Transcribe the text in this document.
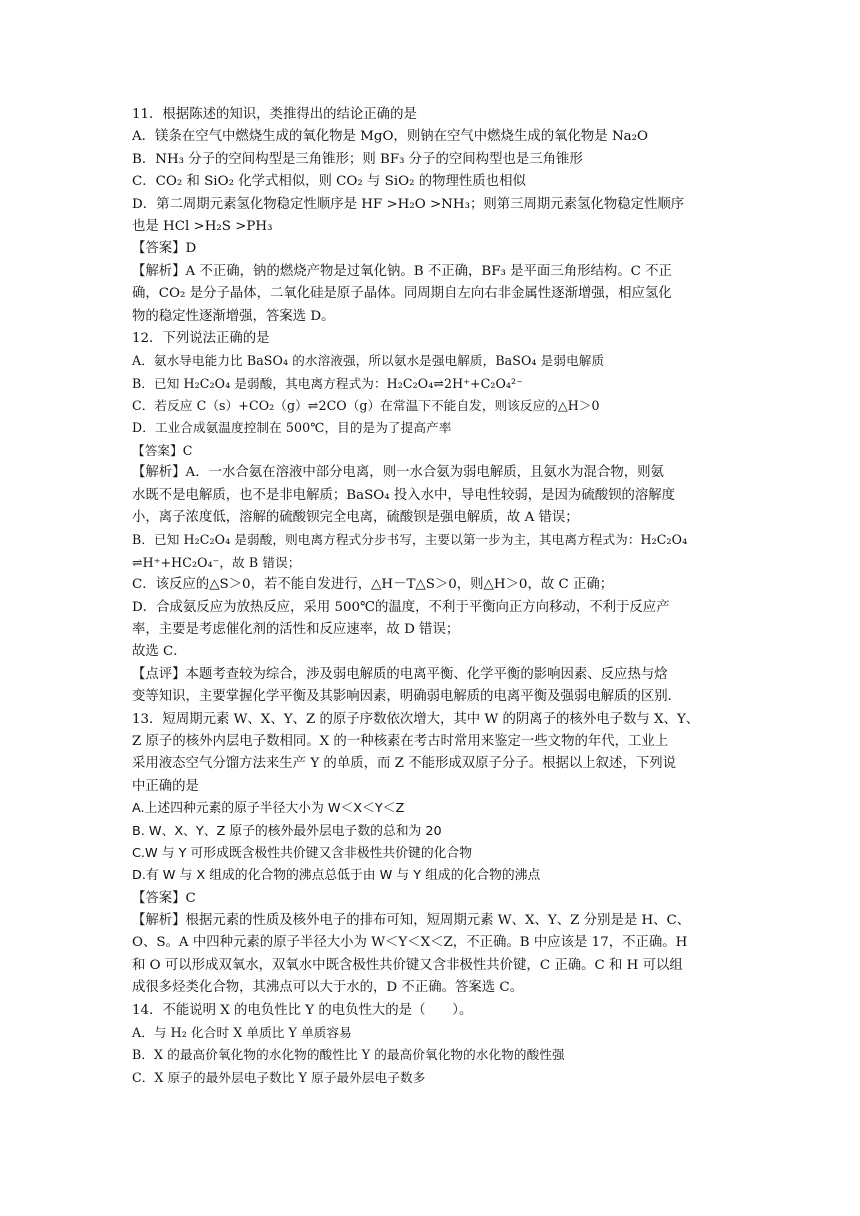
11．根据陈述的知识，类推得出的结论正确的是
A．镁条在空气中燃烧生成的氧化物是 MgO，则钠在空气中燃烧生成的氧化物是 Na₂O
B．NH₃ 分子的空间构型是三角锥形；则 BF₃ 分子的空间构型也是三角锥形
C．CO₂ 和 SiO₂ 化学式相似，则 CO₂ 与 SiO₂ 的物理性质也相似
D．第二周期元素氢化物稳定性顺序是 HF >H₂O >NH₃；则第三周期元素氢化物稳定性顺序
也是 HCl >H₂S >PH₃
【答案】D
【解析】A 不正确，钠的燃烧产物是过氧化钠。B 不正确，BF₃ 是平面三角形结构。C 不正
确，CO₂ 是分子晶体，二氧化硅是原子晶体。同周期自左向右非金属性逐渐增强，相应氢化
物的稳定性逐渐增强，答案选 D。
12．下列说法正确的是
A．氨水导电能力比 BaSO₄ 的水溶液强，所以氨水是强电解质，BaSO₄ 是弱电解质
B．已知 H₂C₂O₄ 是弱酸，其电离方程式为：H₂C₂O₄⇌2H⁺+C₂O₄²⁻
C．若反应 C（s）+CO₂（g）⇌2CO（g）在常温下不能自发，则该反应的△H＞0
D．工业合成氨温度控制在 500℃，目的是为了提高产率
【答案】C
【解析】A．一水合氨在溶液中部分电离，则一水合氨为弱电解质，且氨水为混合物，则氨
水既不是电解质，也不是非电解质；BaSO₄ 投入水中，导电性较弱，是因为硫酸钡的溶解度
小，离子浓度低，溶解的硫酸钡完全电离，硫酸钡是强电解质，故 A 错误；
B．已知 H₂C₂O₄ 是弱酸，则电离方程式分步书写，主要以第一步为主，其电离方程式为：H₂C₂O₄
⇌H⁺+HC₂O₄⁻，故 B 错误；
C．该反应的△S＞0，若不能自发进行，△H－T△S＞0，则△H＞0，故 C 正确；
D．合成氨反应为放热反应，采用 500℃的温度，不利于平衡向正方向移动，不利于反应产
率，主要是考虑催化剂的活性和反应速率，故 D 错误；
故选 C．
【点评】本题考查较为综合，涉及弱电解质的电离平衡、化学平衡的影响因素、反应热与焓
变等知识，主要掌握化学平衡及其影响因素，明确弱电解质的电离平衡及强弱电解质的区别．
13．短周期元素 W、X、Y、Z 的原子序数依次增大，其中 W 的阴离子的核外电子数与 X、Y、
Z 原子的核外内层电子数相同。X 的一种核素在考古时常用来鉴定一些文物的年代，工业上
采用液态空气分馏方法来生产 Y 的单质，而 Z 不能形成双原子分子。根据以上叙述，下列说
中正确的是
A.上述四种元素的原子半径大小为 W＜X＜Y＜Z
B. W、X、Y、Z 原子的核外最外层电子数的总和为 20
C.W 与 Y 可形成既含极性共价键又含非极性共价键的化合物
D.有 W 与 X 组成的化合物的沸点总低于由 W 与 Y 组成的化合物的沸点
【答案】C
【解析】根据元素的性质及核外电子的排布可知，短周期元素 W、X、Y、Z 分别是是 H、C、
O、S。A 中四种元素的原子半径大小为 W＜Y＜X＜Z，不正确。B 中应该是 17，不正确。H
和 O 可以形成双氧水，双氧水中既含极性共价键又含非极性共价键，C 正确。C 和 H 可以组
成很多烃类化合物，其沸点可以大于水的，D 不正确。答案选 C。
14．不能说明 X 的电负性比 Y 的电负性大的是（　　）。
A．与 H₂ 化合时 X 单质比 Y 单质容易
B．X 的最高价氧化物的水化物的酸性比 Y 的最高价氧化物的水化物的酸性强
C．X 原子的最外层电子数比 Y 原子最外层电子数多
